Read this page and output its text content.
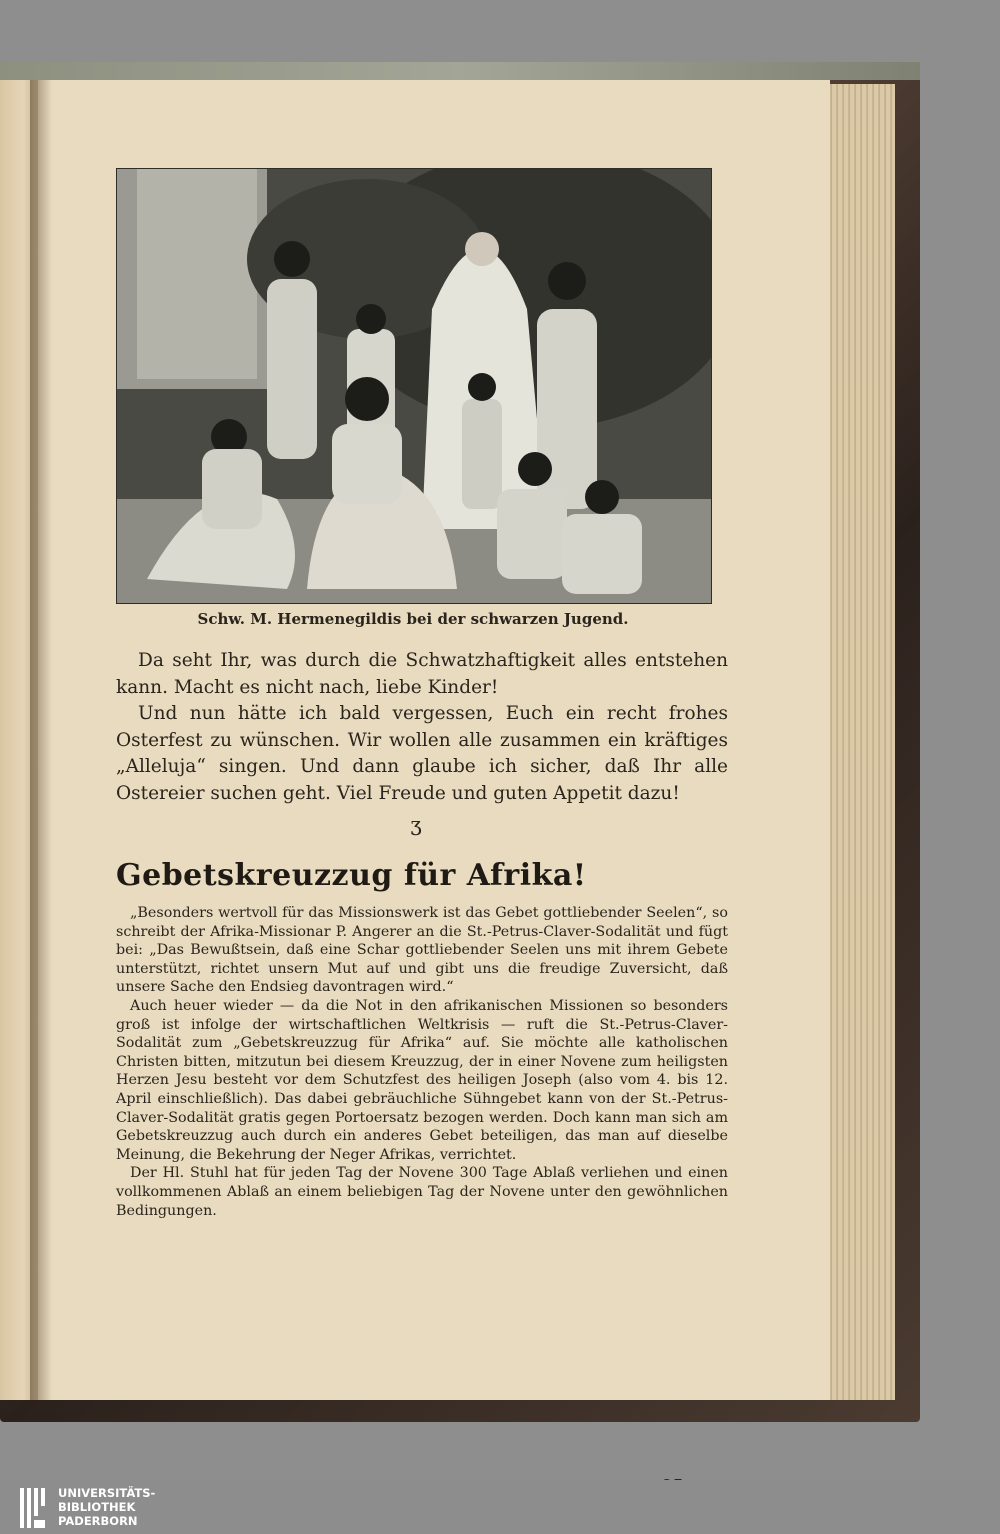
Schw. M. Hermenegildis bei der schwarzen Jugend.

Da seht Ihr, was durch die Schwatzhaftigkeit alles entstehen kann. Macht es nicht nach, liebe Kinder!

Und nun hätte ich bald vergessen, Euch ein recht frohes Osterfest zu wünschen. Wir wollen alle zusammen ein kräftiges „Alleluja“ singen. Und dann glaube ich sicher, daß Ihr alle Ostereier suchen geht. Viel Freude und guten Appetit dazu!

ʒ
Gebetskreuzzug für Afrika!

„Besonders wertvoll für das Missionswerk ist das Gebet gottliebender Seelen“, so schreibt der Afrika-Missionar P. Angerer an die St.-Petrus-Claver-Sodalität und fügt bei: „Das Bewußtsein, daß eine Schar gottliebender Seelen uns mit ihrem Gebete unterstützt, richtet unsern Mut auf und gibt uns die freudige Zuversicht, daß unsere Sache den Endsieg davontragen wird.“

Auch heuer wieder — da die Not in den afrikanischen Missionen so besonders groß ist infolge der wirtschaftlichen Weltkrisis — ruft die St.-Petrus-Claver-Sodalität zum „Gebetskreuzzug für Afrika“ auf. Sie möchte alle katholischen Christen bitten, mitzutun bei diesem Kreuzzug, der in einer Novene zum heiligsten Herzen Jesu besteht vor dem Schutzfest des heiligen Joseph (also vom 4. bis 12. April einschließlich). Das dabei gebräuchliche Sühngebet kann von der St.-Petrus-Claver-Sodalität gratis gegen Portoersatz bezogen werden. Doch kann man sich am Gebetskreuzzug auch durch ein anderes Gebet beteiligen, das man auf dieselbe Meinung, die Bekehrung der Neger Afrikas, verrichtet.

Der Hl. Stuhl hat für jeden Tag der Novene 300 Tage Ablaß verliehen und einen vollkommenen Ablaß an einem beliebigen Tag der Novene unter den gewöhnlichen Bedingungen.

UNIVERSITÄTS-
BIBLIOTHEK
PADERBORN
